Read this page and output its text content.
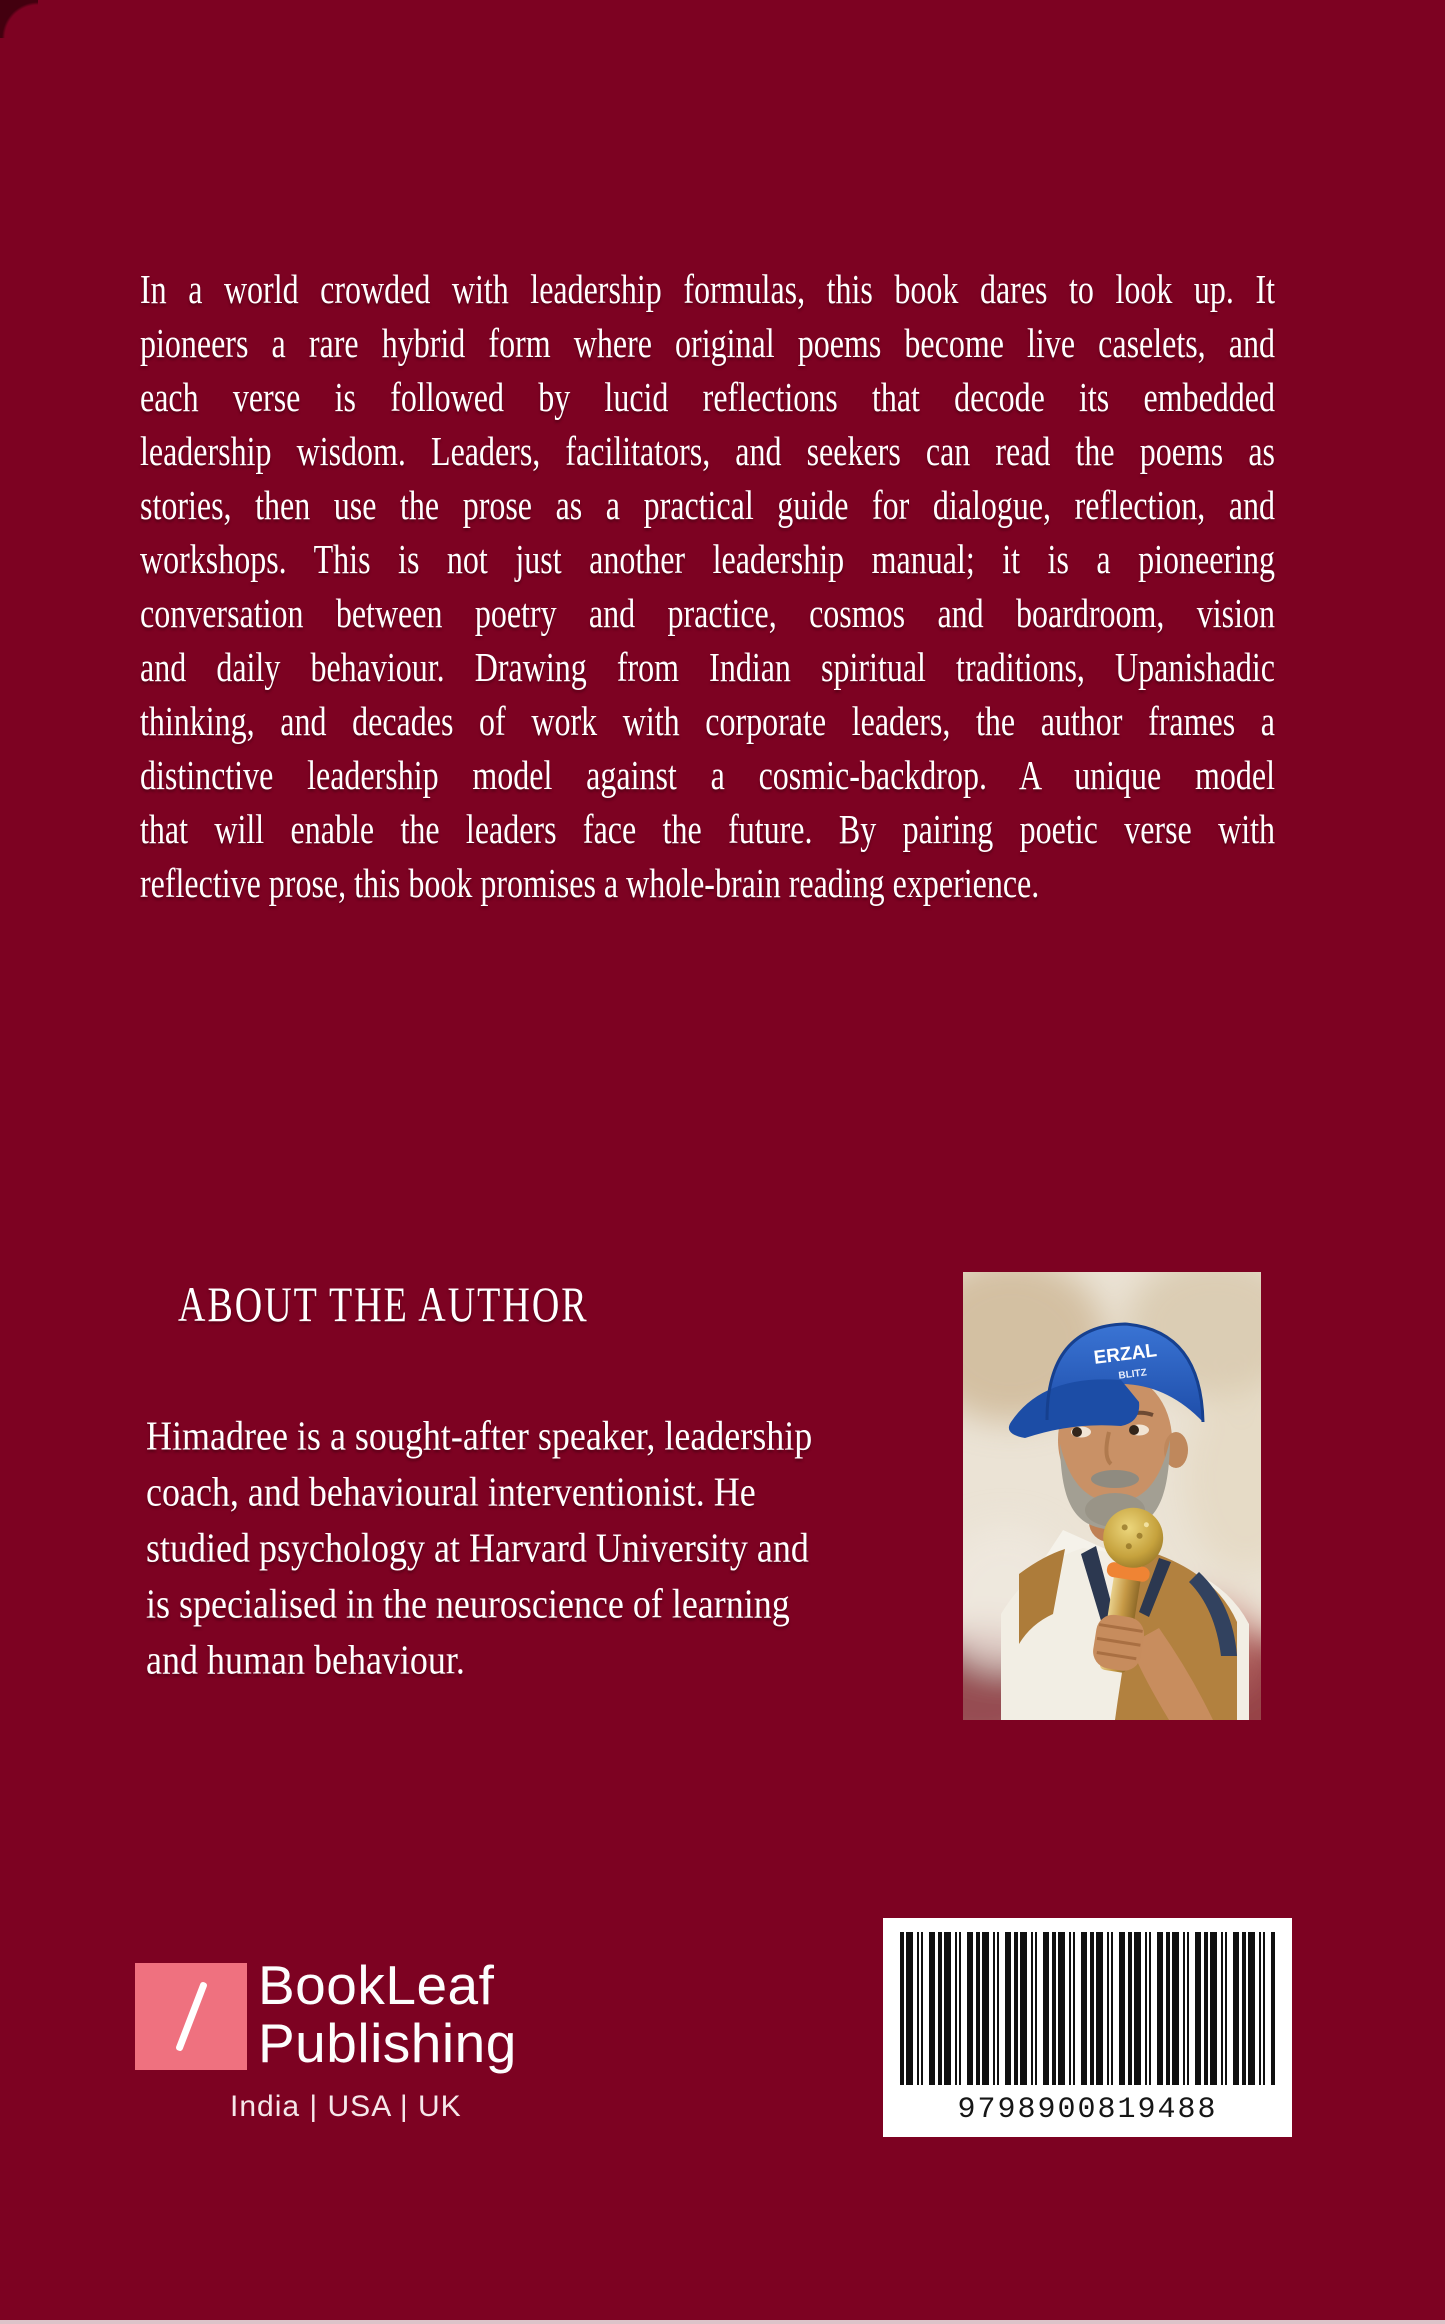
In a world crowded with leadership formulas, this book dares to look up. It
pioneers a rare hybrid form where original poems become live caselets, and
each verse is followed by lucid reflections that decode its embedded
leadership wisdom. Leaders, facilitators, and seekers can read the poems as
stories, then use the prose as a practical guide for dialogue, reflection, and
workshops. This is not just another leadership manual; it is a pioneering
conversation between poetry and practice, cosmos and boardroom, vision
and daily behaviour. Drawing from Indian spiritual traditions, Upanishadic
thinking, and decades of work with corporate leaders, the author frames a
distinctive leadership model against a cosmic-backdrop. A unique model
that will enable the leaders face the future. By pairing poetic verse with
reflective prose, this book promises a whole-brain reading experience.
ABOUT THE AUTHOR
Himadree is a sought-after speaker, leadership
coach, and behavioural interventionist. He
studied psychology at Harvard University and
is specialised in the neuroscience of learning
and human behaviour.
ERZAL
BLITZ
BookLeaf
Publishing
India | USA | UK	9798900819488
